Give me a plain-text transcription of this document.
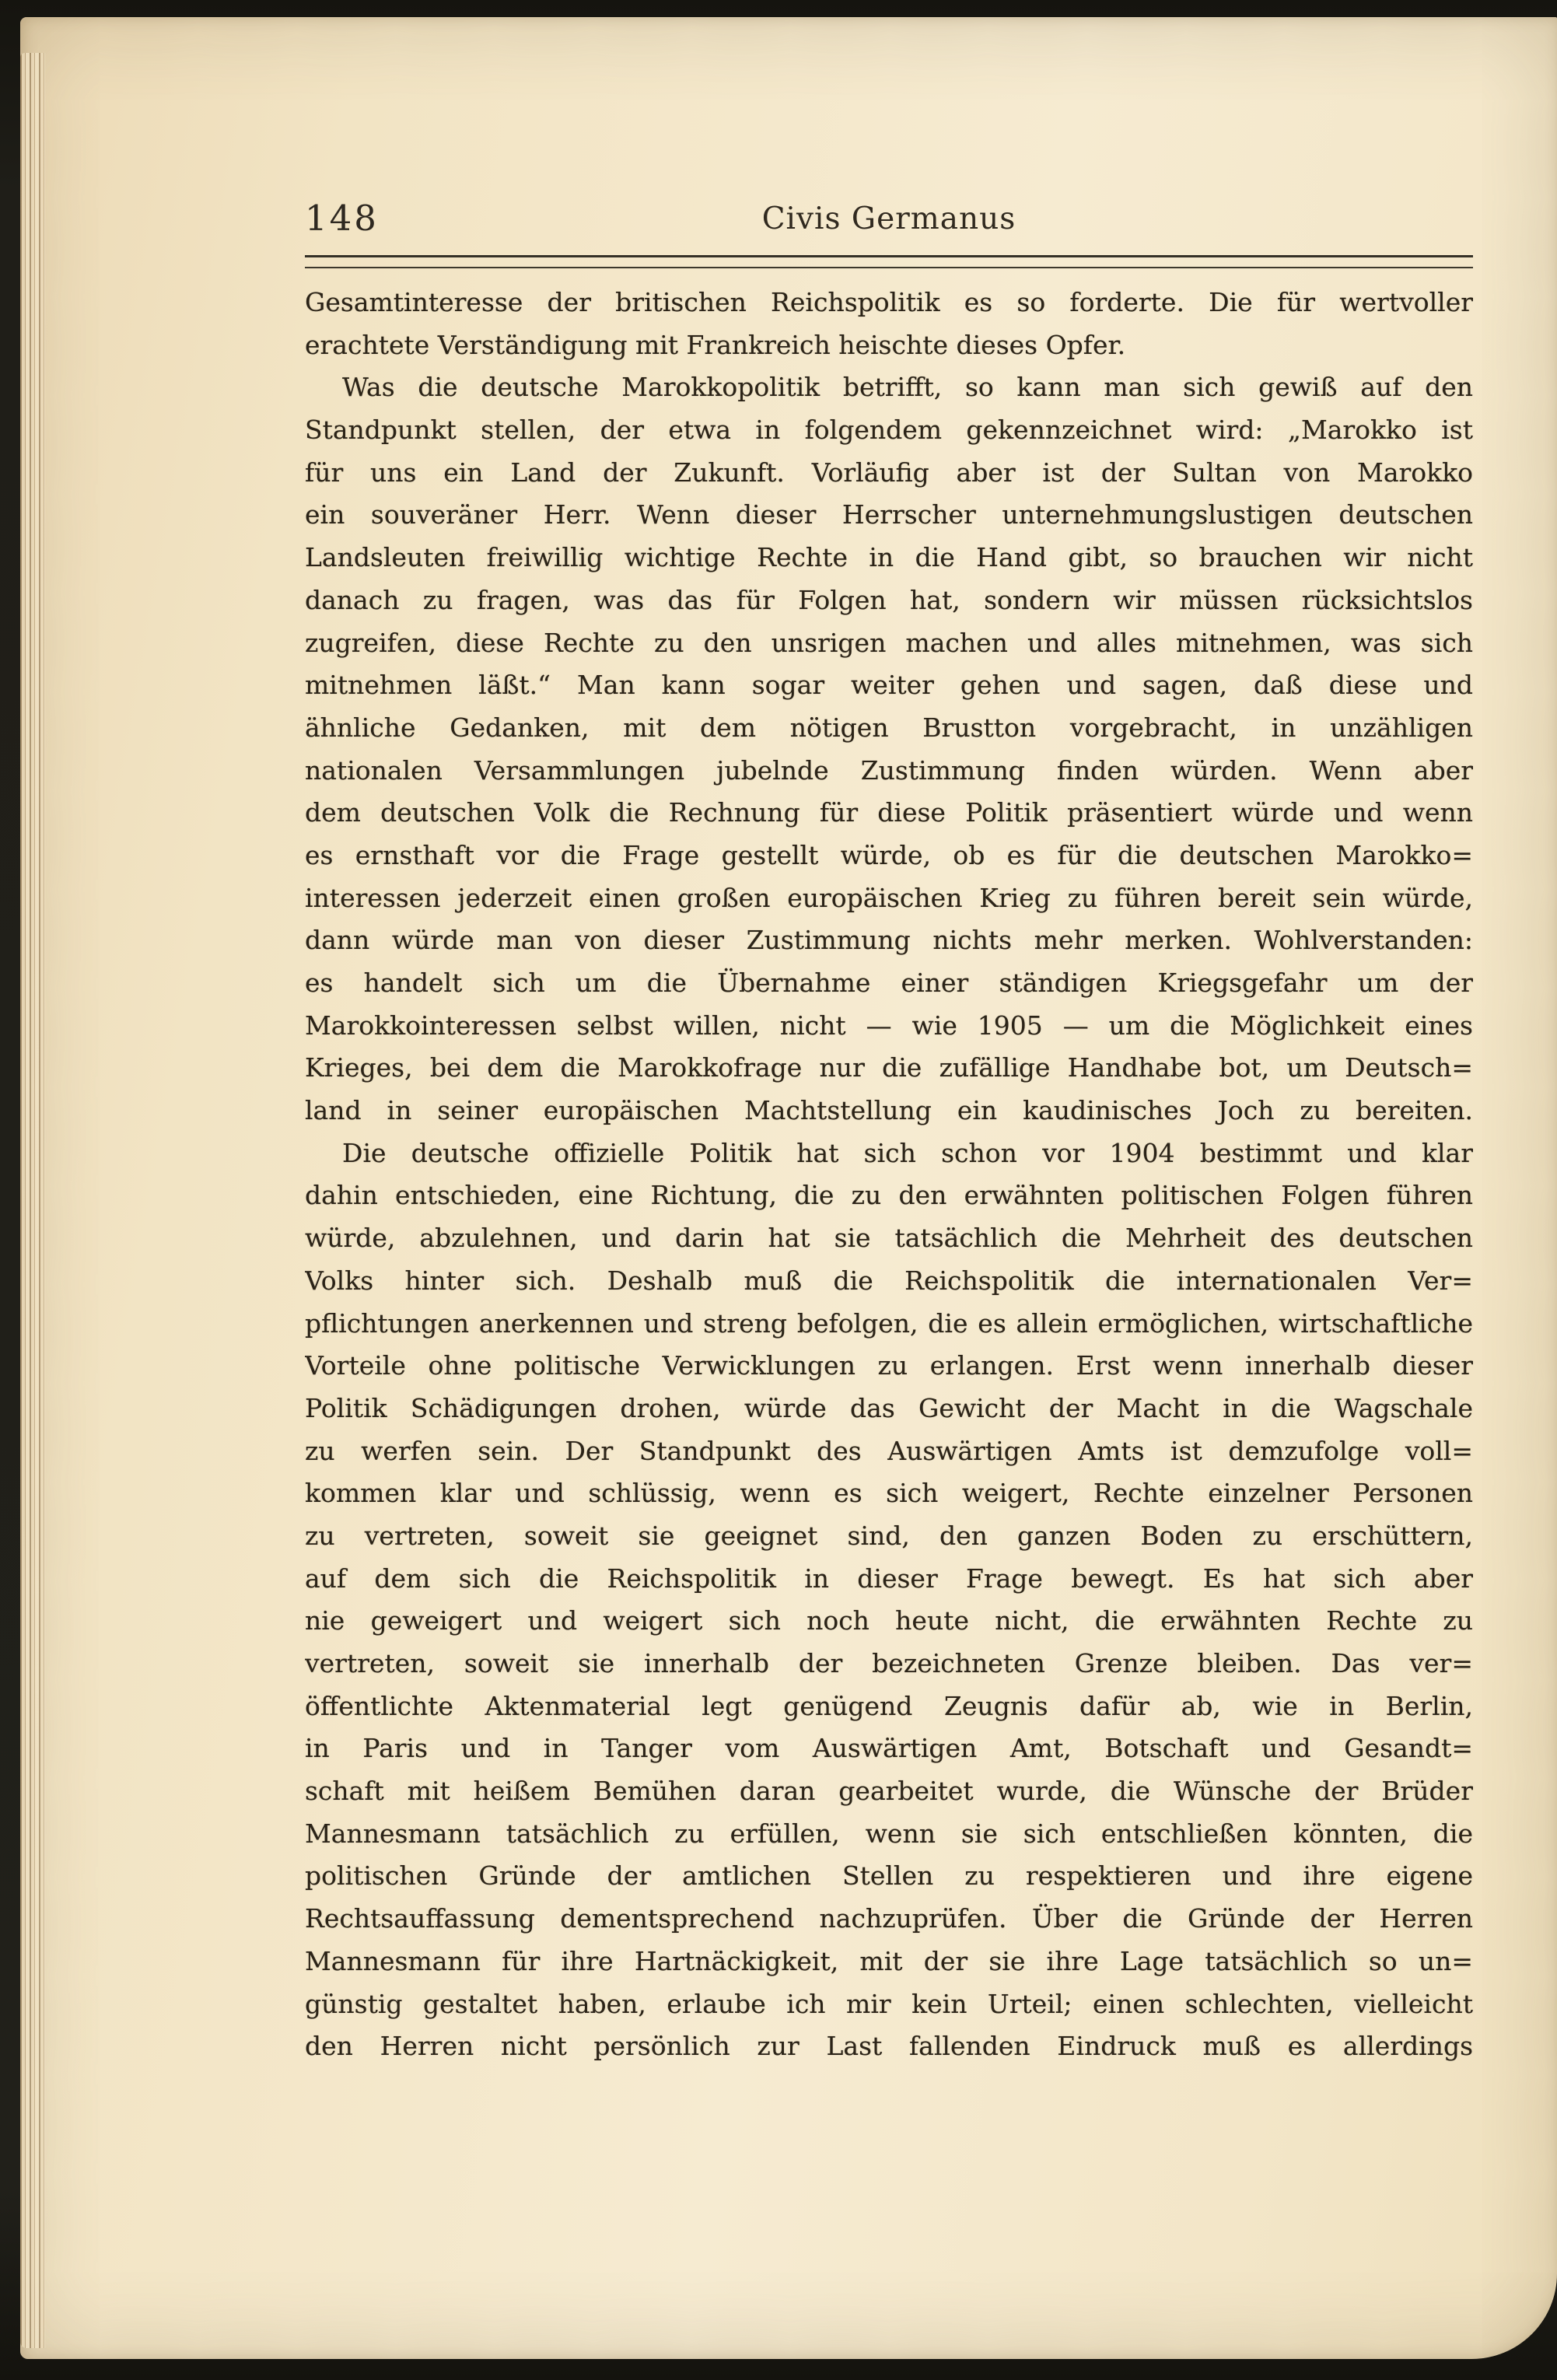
148	Civis Germanus
Gesamtinteresse der britischen Reichspolitik es so forderte. Die für wertvoller
erachtete Verständigung mit Frankreich heischte dieses Opfer.
Was die deutsche Marokkopolitik betrifft, so kann man sich gewiß auf den
Standpunkt stellen, der etwa in folgendem gekennzeichnet wird: „Marokko ist
für uns ein Land der Zukunft. Vorläufig aber ist der Sultan von Marokko
ein souveräner Herr. Wenn dieser Herrscher unternehmungslustigen deutschen
Landsleuten freiwillig wichtige Rechte in die Hand gibt, so brauchen wir nicht
danach zu fragen, was das für Folgen hat, sondern wir müssen rücksichtslos
zugreifen, diese Rechte zu den unsrigen machen und alles mitnehmen, was sich
mitnehmen läßt.“ Man kann sogar weiter gehen und sagen, daß diese und
ähnliche Gedanken, mit dem nötigen Brustton vorgebracht, in unzähligen
nationalen Versammlungen jubelnde Zustimmung finden würden. Wenn aber
dem deutschen Volk die Rechnung für diese Politik präsentiert würde und wenn
es ernsthaft vor die Frage gestellt würde, ob es für die deutschen Marokko=
interessen jederzeit einen großen europäischen Krieg zu führen bereit sein würde,
dann würde man von dieser Zustimmung nichts mehr merken. Wohlverstanden:
es handelt sich um die Übernahme einer ständigen Kriegsgefahr um der
Marokkointeressen selbst willen, nicht — wie 1905 — um die Möglichkeit eines
Krieges, bei dem die Marokkofrage nur die zufällige Handhabe bot, um Deutsch=
land in seiner europäischen Machtstellung ein kaudinisches Joch zu bereiten.
Die deutsche offizielle Politik hat sich schon vor 1904 bestimmt und klar
dahin entschieden, eine Richtung, die zu den erwähnten politischen Folgen führen
würde, abzulehnen, und darin hat sie tatsächlich die Mehrheit des deutschen
Volks hinter sich. Deshalb muß die Reichspolitik die internationalen Ver=
pflichtungen anerkennen und streng befolgen, die es allein ermöglichen, wirtschaftliche
Vorteile ohne politische Verwicklungen zu erlangen. Erst wenn innerhalb dieser
Politik Schädigungen drohen, würde das Gewicht der Macht in die Wagschale
zu werfen sein. Der Standpunkt des Auswärtigen Amts ist demzufolge voll=
kommen klar und schlüssig, wenn es sich weigert, Rechte einzelner Personen
zu vertreten, soweit sie geeignet sind, den ganzen Boden zu erschüttern,
auf dem sich die Reichspolitik in dieser Frage bewegt. Es hat sich aber
nie geweigert und weigert sich noch heute nicht, die erwähnten Rechte zu
vertreten, soweit sie innerhalb der bezeichneten Grenze bleiben. Das ver=
öffentlichte Aktenmaterial legt genügend Zeugnis dafür ab, wie in Berlin,
in Paris und in Tanger vom Auswärtigen Amt, Botschaft und Gesandt=
schaft mit heißem Bemühen daran gearbeitet wurde, die Wünsche der Brüder
Mannesmann tatsächlich zu erfüllen, wenn sie sich entschließen könnten, die
politischen Gründe der amtlichen Stellen zu respektieren und ihre eigene
Rechtsauffassung dementsprechend nachzuprüfen. Über die Gründe der Herren
Mannesmann für ihre Hartnäckigkeit, mit der sie ihre Lage tatsächlich so un=
günstig gestaltet haben, erlaube ich mir kein Urteil; einen schlechten, vielleicht
den Herren nicht persönlich zur Last fallenden Eindruck muß es allerdings
